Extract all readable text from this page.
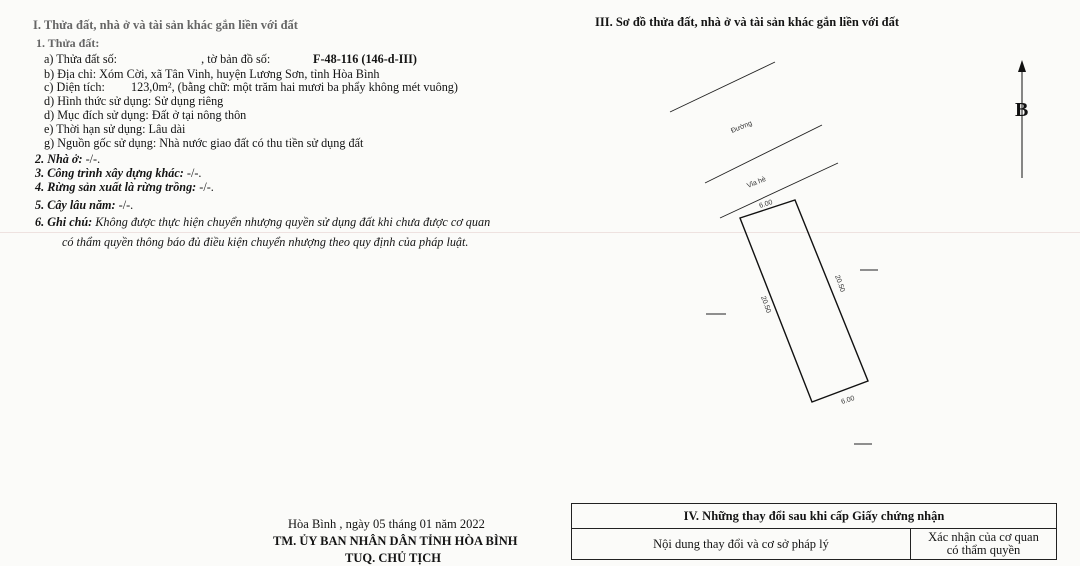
I. Thửa đất, nhà ở và tài sản khác gắn liền với đất
1. Thửa đất:
a) Thửa đất số:	, tờ bản đồ số:	F-48-116 (146-d-III)
b) Địa chỉ: Xóm Cời, xã Tân Vinh, huyện Lương Sơn, tỉnh Hòa Bình
c) Diện tích: 123,0m², (bằng chữ: một trăm hai mươi ba phẩy không mét vuông)
d) Hình thức sử dụng: Sử dụng riêng
d) Mục đích sử dụng: Đất ở tại nông thôn
e) Thời hạn sử dụng: Lâu dài
g) Nguồn gốc sử dụng: Nhà nước giao đất có thu tiền sử dụng đất
2. Nhà ở: -/-.
3. Công trình xây dựng khác: -/-.
4. Rừng sản xuất là rừng trồng: -/-.
5. Cây lâu năm: -/-.
6. Ghi chú: Không được thực hiện chuyển nhượng quyền sử dụng đất khi chưa được cơ quan
có thẩm quyền thông báo đủ điều kiện chuyển nhượng theo quy định của pháp luật.
III. Sơ đồ thửa đất, nhà ở và tài sản khác gắn liền với đất
Đường
Vỉa hè
6.00
6.00
20.50
20.50
B
Hòa Bình , ngày 05 tháng 01 năm 2022
TM. ỦY BAN NHÂN DÂN TỈNH HÒA BÌNH
TUQ. CHỦ TỊCH
IV. Những thay đổi sau khi cấp Giấy chứng nhận
Nội dung thay đổi và cơ sở pháp lý	Xác nhận của cơ quan
có thẩm quyền
